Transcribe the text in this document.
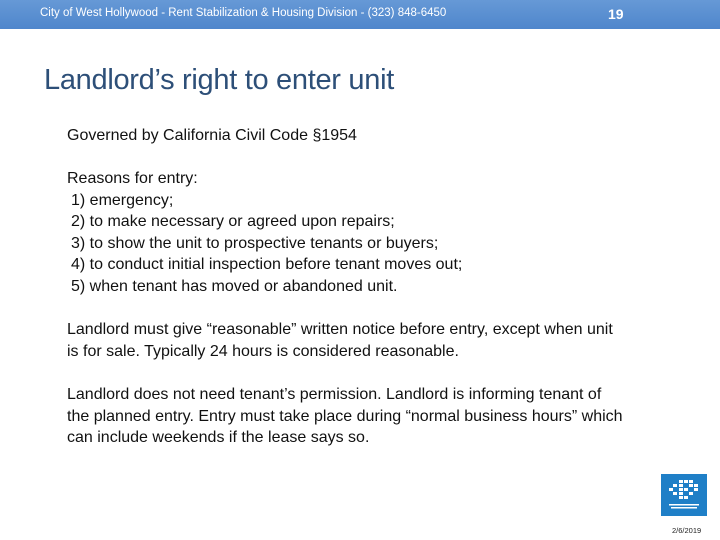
City of West Hollywood - Rent Stabilization & Housing Division - (323) 848-6450	19
Landlord’s right to enter unit
Governed by California Civil Code §1954
Reasons for entry:
1) emergency;
2) to make necessary or agreed upon repairs;
3) to show the unit to prospective tenants or buyers;
4) to conduct initial inspection before tenant moves out;
5) when tenant has moved or abandoned unit.
Landlord must give “reasonable” written notice before entry, except when unit is for sale. Typically 24 hours is considered reasonable.
Landlord does not need tenant’s permission. Landlord is informing tenant of the planned entry. Entry must take place during “normal business hours” which can include weekends if the lease says so.
2/6/2019
